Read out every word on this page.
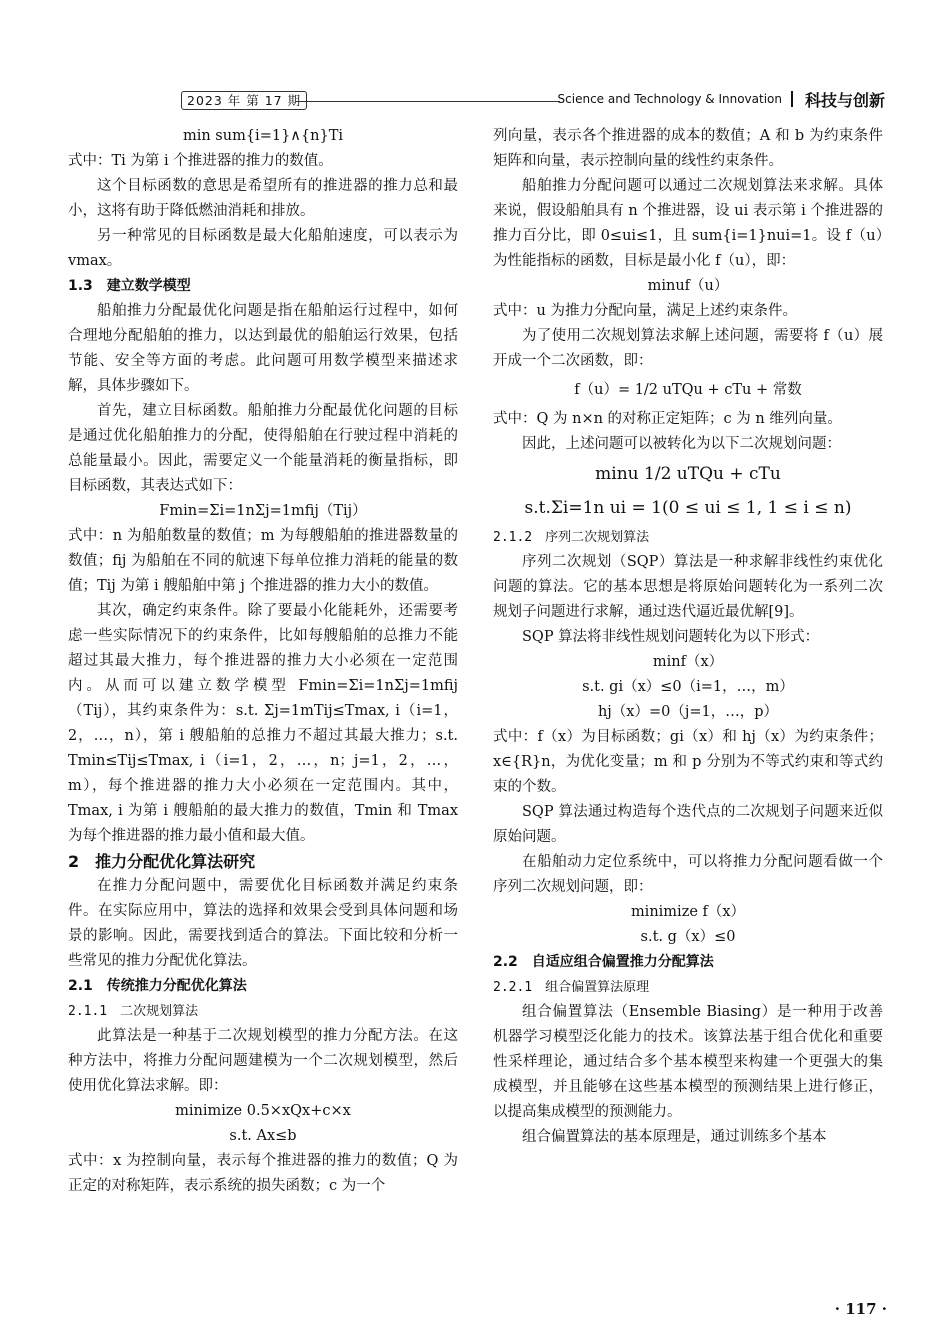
2023 年 第 17 期	Science and Technology & Innovation 科技与创新
min sum{i=1}∧{n}Ti
式中：Ti 为第 i 个推进器的推力的数值。
这个目标函数的意思是希望所有的推进器的推力总和最小，这将有助于降低燃油消耗和排放。
另一种常见的目标函数是最大化船舶速度，可以表示为 vmax。
1.3　建立数学模型
船舶推力分配最优化问题是指在船舶运行过程中，如何合理地分配船舶的推力，以达到最优的船舶运行效果，包括节能、安全等方面的考虑。此问题可用数学模型来描述求解，具体步骤如下。
首先，建立目标函数。船舶推力分配最优化问题的目标是通过优化船舶推力的分配，使得船舶在行驶过程中消耗的总能量最小。因此，需要定义一个能量消耗的衡量指标，即目标函数，其表达式如下：
Fmin=Σi=1nΣj=1mfij（Tij）
式中：n 为船舶数量的数值；m 为每艘船舶的推进器数量的数值；fij 为船舶在不同的航速下每单位推力消耗的能量的数值；Tij 为第 i 艘船舶中第 j 个推进器的推力大小的数值。
其次，确定约束条件。除了要最小化能耗外，还需要考虑一些实际情况下的约束条件，比如每艘船舶的总推力不能超过其最大推力，每个推进器的推力大小必须在一定范围内。从而可以建立数学模型 Fmin=Σi=1nΣj=1mfij（Tij），其约束条件为：s.t. Σj=1mTij≤Tmax, i（i=1，2，…，n），第 i 艘船舶的总推力不超过其最大推力；s.t. Tmin≤Tij≤Tmax, i（i=1，2，…，n；j=1，2，…，m），每个推进器的推力大小必须在一定范围内。其中，Tmax, i 为第 i 艘船舶的最大推力的数值，Tmin 和 Tmax 为每个推进器的推力最小值和最大值。
2　推力分配优化算法研究
在推力分配问题中，需要优化目标函数并满足约束条件。在实际应用中，算法的选择和效果会受到具体问题和场景的影响。因此，需要找到适合的算法。下面比较和分析一些常见的推力分配优化算法。
2.1　传统推力分配优化算法
2.1.1　二次规划算法
此算法是一种基于二次规划模型的推力分配方法。在这种方法中，将推力分配问题建模为一个二次规划模型，然后使用优化算法求解。即：
minimize 0.5×xQx+c×x
s.t. Ax≤b
式中：x 为控制向量，表示每个推进器的推力的数值；Q 为正定的对称矩阵，表示系统的损失函数；c 为一个
列向量，表示各个推进器的成本的数值；A 和 b 为约束条件矩阵和向量，表示控制向量的线性约束条件。
船舶推力分配问题可以通过二次规划算法来求解。具体来说，假设船舶具有 n 个推进器，设 ui 表示第 i 个推进器的推力百分比，即 0≤ui≤1，且 sum{i=1}nui=1。设 f（u）为性能指标的函数，目标是最小化 f（u），即：
minuf（u）
式中：u 为推力分配向量，满足上述约束条件。
为了使用二次规划算法求解上述问题，需要将 f（u）展开成一个二次函数，即：
f（u）= 1/2 uTQu + cTu + 常数
式中：Q 为 n×n 的对称正定矩阵；c 为 n 维列向量。
因此，上述问题可以被转化为以下二次规划问题：
minu 1/2 uTQu + cTu
s.t.Σi=1n ui = 1(0 ≤ ui ≤ 1, 1 ≤ i ≤ n)
2.1.2　序列二次规划算法
序列二次规划（SQP）算法是一种求解非线性约束优化问题的算法。它的基本思想是将原始问题转化为一系列二次规划子问题进行求解，通过迭代逼近最优解[9]。
SQP 算法将非线性规划问题转化为以下形式：
minf（x）
s.t. gi（x）≤0（i=1，…，m）
hj（x）=0（j=1，…，p）
式中：f（x）为目标函数；gi（x）和 hj（x）为约束条件；x∈{R}n，为优化变量；m 和 p 分别为不等式约束和等式约束的个数。
SQP 算法通过构造每个迭代点的二次规划子问题来近似原始问题。
在船舶动力定位系统中，可以将推力分配问题看做一个序列二次规划问题，即：
minimize f（x）
s.t. g（x）≤0
2.2　自适应组合偏置推力分配算法
2.2.1　组合偏置算法原理
组合偏置算法（Ensemble Biasing）是一种用于改善机器学习模型泛化能力的技术。该算法基于组合优化和重要性采样理论，通过结合多个基本模型来构建一个更强大的集成模型，并且能够在这些基本模型的预测结果上进行修正，以提高集成模型的预测能力。
组合偏置算法的基本原理是，通过训练多个基本
· 117 ·
